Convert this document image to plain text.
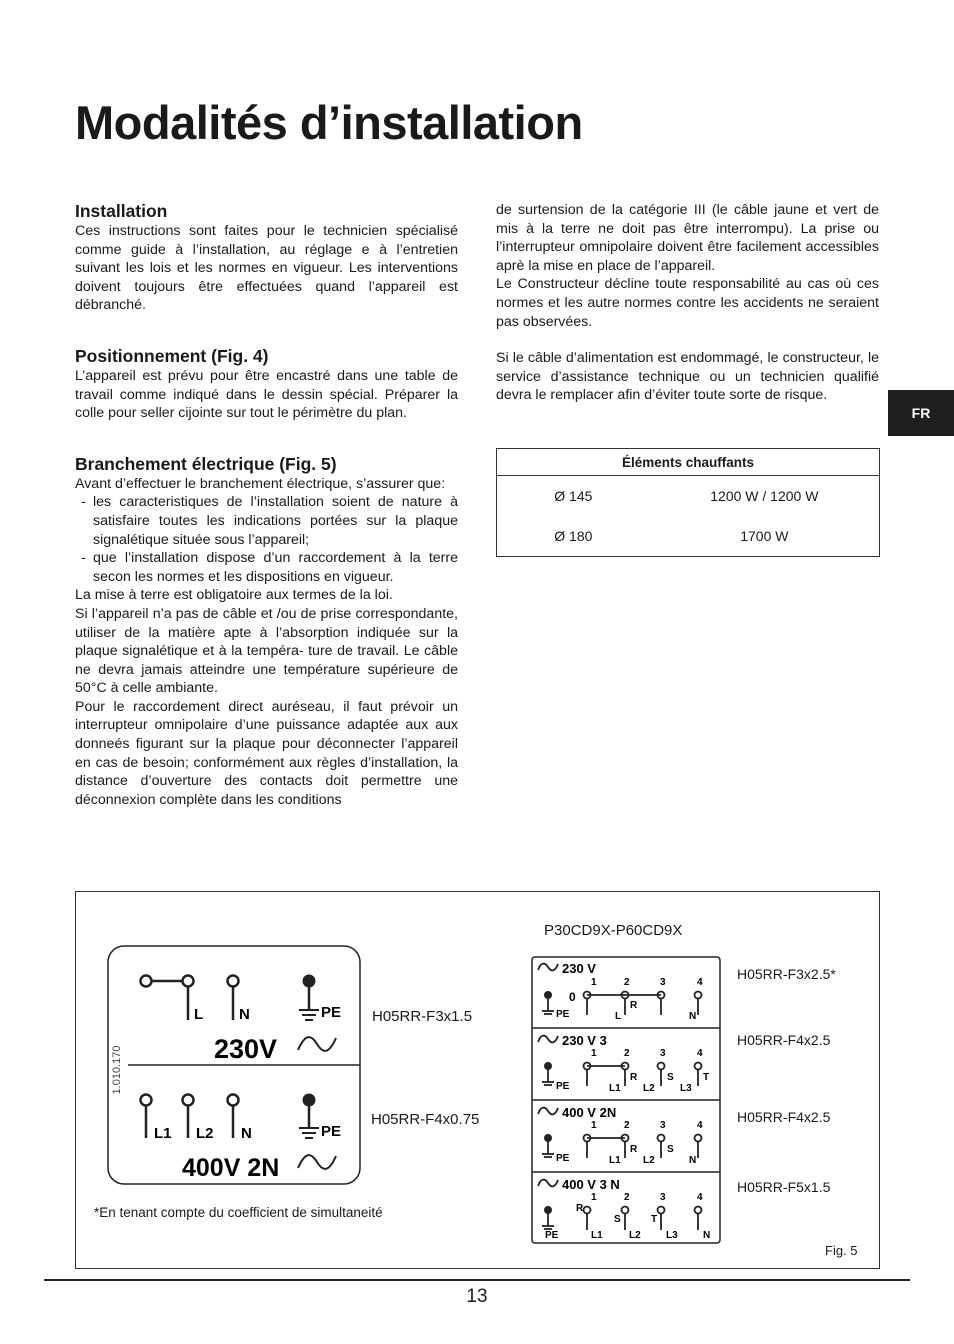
Modalités d’installation
Installation

Ces instructions sont faites pour le technicien spécialisé comme guide à l’installation, au réglage e à l’entretien suivant les lois et les normes en vigueur. Les interventions doivent toujours être effectuées quand l’appareil est débranché.

Positionnement (Fig. 4)

L’appareil est prévu pour être encastré dans une table de travail comme indiqué dans le dessin spécial. Préparer la colle pour seller cijointe sur tout le périmètre du plan.

Branchement électrique (Fig. 5)

Avant d’effectuer le branchement électrique, s’assurer que:

- les caracteristiques de l’installation soient de nature à satisfaire toutes les indications portées sur la plaque signalétique située sous l’appareil;
- que l’installation dispose d’un raccordement à la terre secon les normes et les dispositions en vigueur.

La mise à terre est obligatoire aux termes de la loi.

Si l’appareil n’a pas de câble et /ou de prise correspondante, utiliser de la matière apte à l’absorption indiquée sur la plaque signalétique et à la tempéra- ture de travail. Le câble ne devra jamais atteindre une température supérieure de 50°C à celle ambiante.

Pour le raccordement direct auréseau, il faut prévoir un interrupteur omnipolaire d’une puissance adaptée aux aux donneés figurant sur la plaque pour déconnecter l’appareil en cas de besoin; conformément aux règles d’installation, la distance d’ouverture des contacts doit permettre une déconnexion complète dans les conditions

de surtension de la catégorie III (le câble jaune et vert de mis à la terre ne doit pas être interrompu). La prise ou l’interrupteur omnipolaire doivent être facilement accessibles aprè la mise en place de l’appareil.

Le Constructeur décline toute responsabilité au cas où ces normes et les autre normes contre les accidents ne seraient pas observées.

Si le câble d’alimentation est endommagé, le constructeur, le service d’assistance technique ou un technicien qualifié devra le remplacer afin d’éviter toute sorte de risque.

FR
Éléments chauffants	
Ø 145	1200 W / 1200 W
Ø 180	1700 W
P30CD9X-P60CD9X
1.010.170
L N	PE
230V
L1 L2 N	PE
400V 2N
H05RR-F3x1.5
H05RR-F4x0.75
230 V
0
PE
1	2	3	4
L
R
N
230 V 3
PE
1	2	3	4
L1
R
L2
S
L3
T
400 V 2N
PE
1	2	3	4
L1
R
L2
S
N
400 V 3 N
PE
R
L1
1	2
S
L2
3
T
L3
4
N
H05RR-F3x2.5*
H05RR-F4x2.5
H05RR-F4x2.5
H05RR-F5x1.5
*En tenant compte du coefficient de simultaneité
Fig. 5
13
